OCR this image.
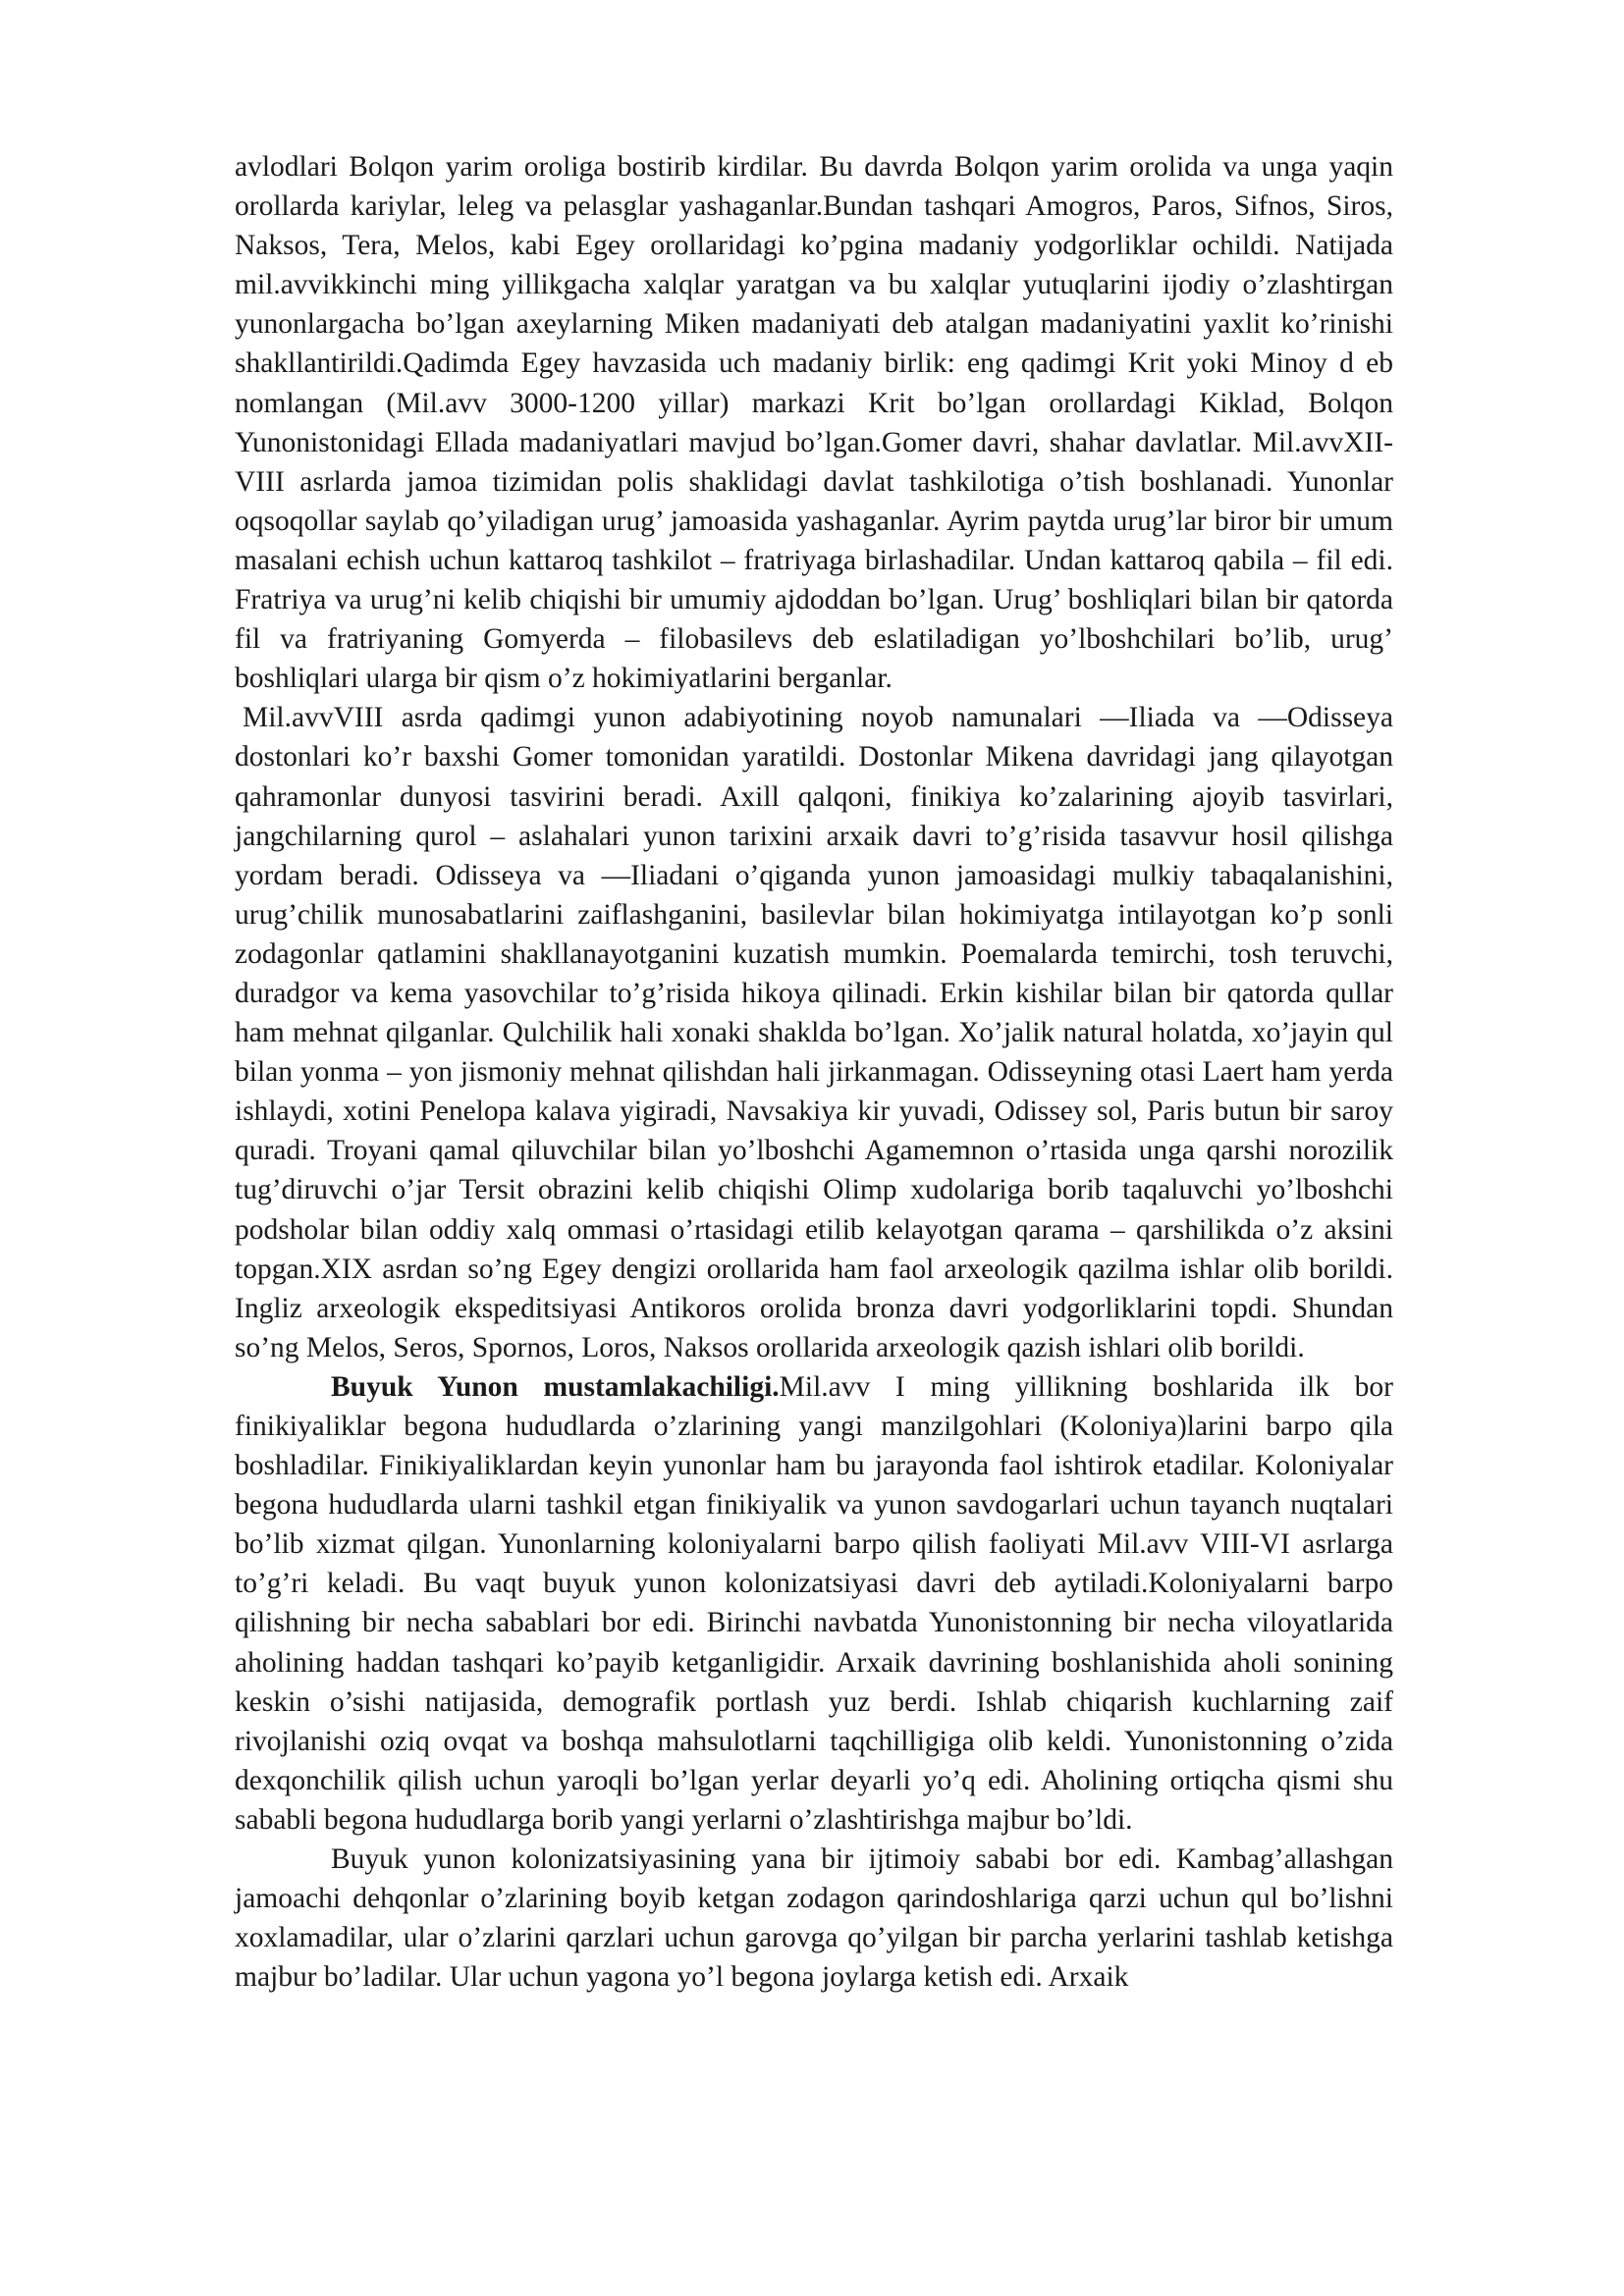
avlodlari Bolqon yarim oroliga bostirib kirdilar. Bu davrda Bolqon yarim orolida va unga yaqin orollarda kariylar, leleg va pelasglar yashaganlar.Bundan tashqari Amogros, Paros, Sifnos, Siros, Naksos, Tera, Melos, kabi Egey orollaridagi ko’pgina madaniy yodgorliklar ochildi. Natijada mil.avvikkinchi ming yillikgacha xalqlar yaratgan va bu xalqlar yutuqlarini ijodiy o’zlashtirgan yunonlargacha bo’lgan axeylarning Miken madaniyati deb atalgan madaniyatini yaxlit ko’rinishi shakllantirildi.Qadimda Egey havzasida uch madaniy birlik: eng qadimgi Krit yoki Minoy d eb nomlangan (Mil.avv 3000-1200 yillar) markazi Krit bo’lgan orollardagi Kiklad, Bolqon Yunonistonidagi Ellada madaniyatlari mavjud bo’lgan.Gomer davri, shahar davlatlar. Mil.avvXII-VIII asrlarda jamoa tizimidan polis shaklidagi davlat tashkilotiga o’tish boshlanadi. Yunonlar oqsoqollar saylab qo’yiladigan urug’ jamoasida yashaganlar. Ayrim paytda urug’lar biror bir umum masalani echish uchun kattaroq tashkilot – fratriyaga birlashadilar. Undan kattaroq qabila – fil edi. Fratriya va urug’ni kelib chiqishi bir umumiy ajdoddan bo’lgan. Urug’ boshliqlari bilan bir qatorda fil va fratriyaning Gomyerda – filobasilevs deb eslatiladigan yo’lboshchilari bo’lib, urug’ boshliqlari ularga bir qism o’z hokimiyatlarini berganlar.

Mil.avvVIII asrda qadimgi yunon adabiyotining noyob namunalari ―Iliada va ―Odisseya dostonlari ko’r baxshi Gomer tomonidan yaratildi. Dostonlar Mikena davridagi jang qilayotgan qahramonlar dunyosi tasvirini beradi. Axill qalqoni, finikiya ko’zalarining ajoyib tasvirlari, jangchilarning qurol – aslahalari yunon tarixini arxaik davri to’g’risida tasavvur hosil qilishga yordam beradi. Odisseya va ―Iliadani o’qiganda yunon jamoasidagi mulkiy tabaqalanishini, urug’chilik munosabatlarini zaiflashganini, basilevlar bilan hokimiyatga intilayotgan ko’p sonli zodagonlar qatlamini shakllanayotganini kuzatish mumkin. Poemalarda temirchi, tosh teruvchi, duradgor va kema yasovchilar to’g’risida hikoya qilinadi. Erkin kishilar bilan bir qatorda qullar ham mehnat qilganlar. Qulchilik hali xonaki shaklda bo’lgan. Xo’jalik natural holatda, xo’jayin qul bilan yonma – yon jismoniy mehnat qilishdan hali jirkanmagan. Odisseyning otasi Laert ham yerda ishlaydi, xotini Penelopa kalava yigiradi, Navsakiya kir yuvadi, Odissey sol, Paris butun bir saroy quradi. Troyani qamal qiluvchilar bilan yo’lboshchi Agamemnon o’rtasida unga qarshi norozilik tug’diruvchi o’jar Tersit obrazini kelib chiqishi Olimp xudolariga borib taqaluvchi yo’lboshchi podsholar bilan oddiy xalq ommasi o’rtasidagi etilib kelayotgan qarama – qarshilikda o’z aksini topgan.XIX asrdan so’ng Egey dengizi orollarida ham faol arxeologik qazilma ishlar olib borildi. Ingliz arxeologik ekspeditsiyasi Antikoros orolida bronza davri yodgorliklarini topdi. Shundan so’ng Melos, Seros, Spornos, Loros, Naksos orollarida arxeologik qazish ishlari olib borildi.

Buyuk Yunon mustamlakachiligi.Mil.avv I ming yillikning boshlarida ilk bor finikiyaliklar begona hududlarda o’zlarining yangi manzilgohlari (Koloniya)larini barpo qila boshladilar. Finikiyaliklardan keyin yunonlar ham bu jarayonda faol ishtirok etadilar. Koloniyalar begona hududlarda ularni tashkil etgan finikiyalik va yunon savdogarlari uchun tayanch nuqtalari bo’lib xizmat qilgan. Yunonlarning koloniyalarni barpo qilish faoliyati Mil.avv VIII-VI asrlarga to’g’ri keladi. Bu vaqt buyuk yunon kolonizatsiyasi davri deb aytiladi.Koloniyalarni barpo qilishning bir necha sabablari bor edi. Birinchi navbatda Yunonistonning bir necha viloyatlarida aholining haddan tashqari ko’payib ketganligidir. Arxaik davrining boshlanishida aholi sonining keskin o’sishi natijasida, demografik portlash yuz berdi. Ishlab chiqarish kuchlarning zaif rivojlanishi oziq ovqat va boshqa mahsulotlarni taqchilligiga olib keldi. Yunonistonning o’zida dexqonchilik qilish uchun yaroqli bo’lgan yerlar deyarli yo’q edi. Aholining ortiqcha qismi shu sababli begona hududlarga borib yangi yerlarni o’zlashtirishga majbur bo’ldi.

Buyuk yunon kolonizatsiyasining yana bir ijtimoiy sababi bor edi. Kambag’allashgan jamoachi dehqonlar o’zlarining boyib ketgan zodagon qarindoshlariga qarzi uchun qul bo’lishni xoxlamadilar, ular o’zlarini qarzlari uchun garovga qo’yilgan bir parcha yerlarini tashlab ketishga majbur bo’ladilar. Ular uchun yagona yo’l begona joylarga ketish edi. Arxaik
